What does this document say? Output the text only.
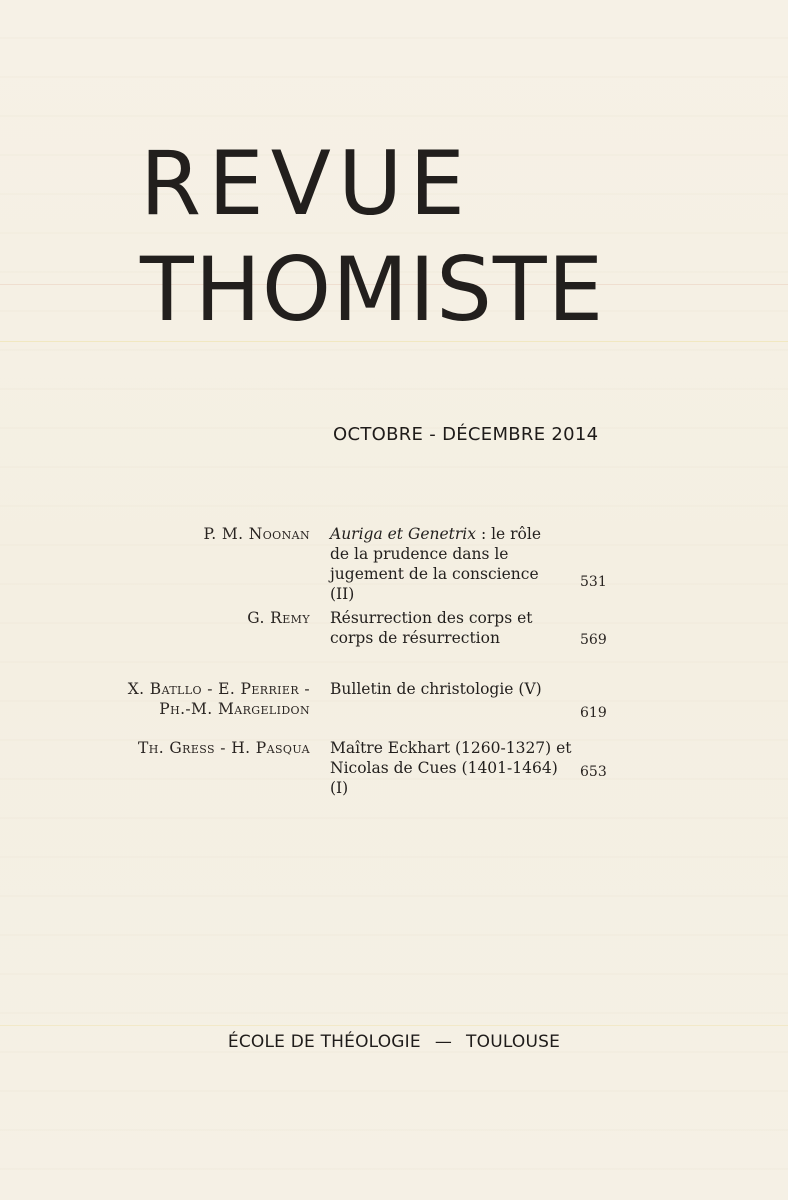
REVUE
THOMISTE
OCTOBRE - DÉCEMBRE 2014
P. M. Noonan Auriga et Genetrix : le rôle de la prudence dans le jugement de la conscience (II)
531
G. Remy Résurrection des corps et corps de résurrection	569
X. Batllo - E. Perrier -
Ph.-M. Margelidon
Bulletin de christologie (V)
619
Th. Gress - H. Pasqua Maître Eckhart (1260-1327) et Nicolas de Cues (1401-1464) (I)
653
ÉCOLE DE THÉOLOGIE — TOULOUSE
